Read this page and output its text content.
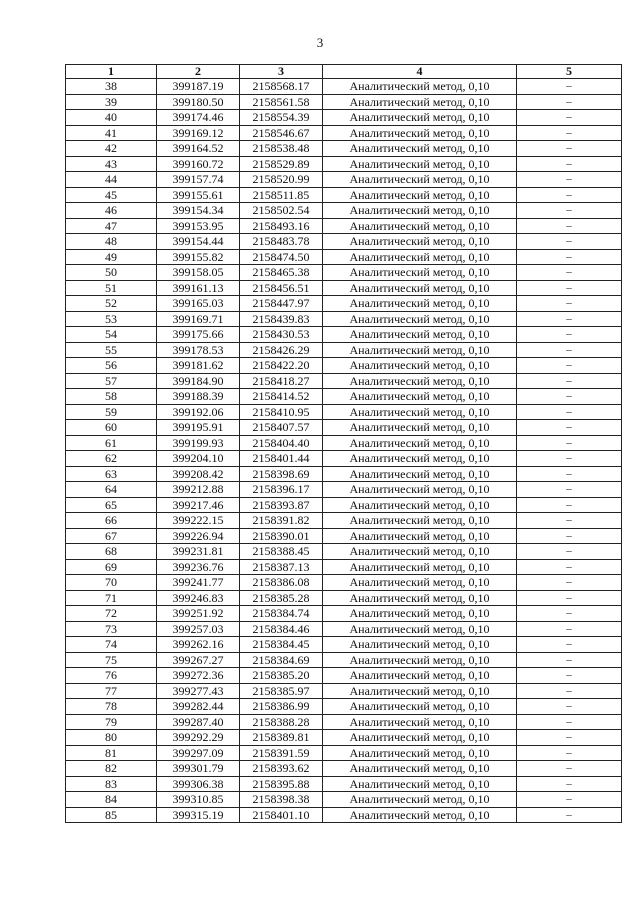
3
1	2	3	4	5
38	399187.19	2158568.17	Аналитический метод, 0,10	–
39	399180.50	2158561.58	Аналитический метод, 0,10	–
40	399174.46	2158554.39	Аналитический метод, 0,10	–
41	399169.12	2158546.67	Аналитический метод, 0,10	–
42	399164.52	2158538.48	Аналитический метод, 0,10	–
43	399160.72	2158529.89	Аналитический метод, 0,10	–
44	399157.74	2158520.99	Аналитический метод, 0,10	–
45	399155.61	2158511.85	Аналитический метод, 0,10	–
46	399154.34	2158502.54	Аналитический метод, 0,10	–
47	399153.95	2158493.16	Аналитический метод, 0,10	–
48	399154.44	2158483.78	Аналитический метод, 0,10	–
49	399155.82	2158474.50	Аналитический метод, 0,10	–
50	399158.05	2158465.38	Аналитический метод, 0,10	–
51	399161.13	2158456.51	Аналитический метод, 0,10	–
52	399165.03	2158447.97	Аналитический метод, 0,10	–
53	399169.71	2158439.83	Аналитический метод, 0,10	–
54	399175.66	2158430.53	Аналитический метод, 0,10	–
55	399178.53	2158426.29	Аналитический метод, 0,10	–
56	399181.62	2158422.20	Аналитический метод, 0,10	–
57	399184.90	2158418.27	Аналитический метод, 0,10	–
58	399188.39	2158414.52	Аналитический метод, 0,10	–
59	399192.06	2158410.95	Аналитический метод, 0,10	–
60	399195.91	2158407.57	Аналитический метод, 0,10	–
61	399199.93	2158404.40	Аналитический метод, 0,10	–
62	399204.10	2158401.44	Аналитический метод, 0,10	–
63	399208.42	2158398.69	Аналитический метод, 0,10	–
64	399212.88	2158396.17	Аналитический метод, 0,10	–
65	399217.46	2158393.87	Аналитический метод, 0,10	–
66	399222.15	2158391.82	Аналитический метод, 0,10	–
67	399226.94	2158390.01	Аналитический метод, 0,10	–
68	399231.81	2158388.45	Аналитический метод, 0,10	–
69	399236.76	2158387.13	Аналитический метод, 0,10	–
70	399241.77	2158386.08	Аналитический метод, 0,10	–
71	399246.83	2158385.28	Аналитический метод, 0,10	–
72	399251.92	2158384.74	Аналитический метод, 0,10	–
73	399257.03	2158384.46	Аналитический метод, 0,10	–
74	399262.16	2158384.45	Аналитический метод, 0,10	–
75	399267.27	2158384.69	Аналитический метод, 0,10	–
76	399272.36	2158385.20	Аналитический метод, 0,10	–
77	399277.43	2158385.97	Аналитический метод, 0,10	–
78	399282.44	2158386.99	Аналитический метод, 0,10	–
79	399287.40	2158388.28	Аналитический метод, 0,10	–
80	399292.29	2158389.81	Аналитический метод, 0,10	–
81	399297.09	2158391.59	Аналитический метод, 0,10	–
82	399301.79	2158393.62	Аналитический метод, 0,10	–
83	399306.38	2158395.88	Аналитический метод, 0,10	–
84	399310.85	2158398.38	Аналитический метод, 0,10	–
85	399315.19	2158401.10	Аналитический метод, 0,10	–
